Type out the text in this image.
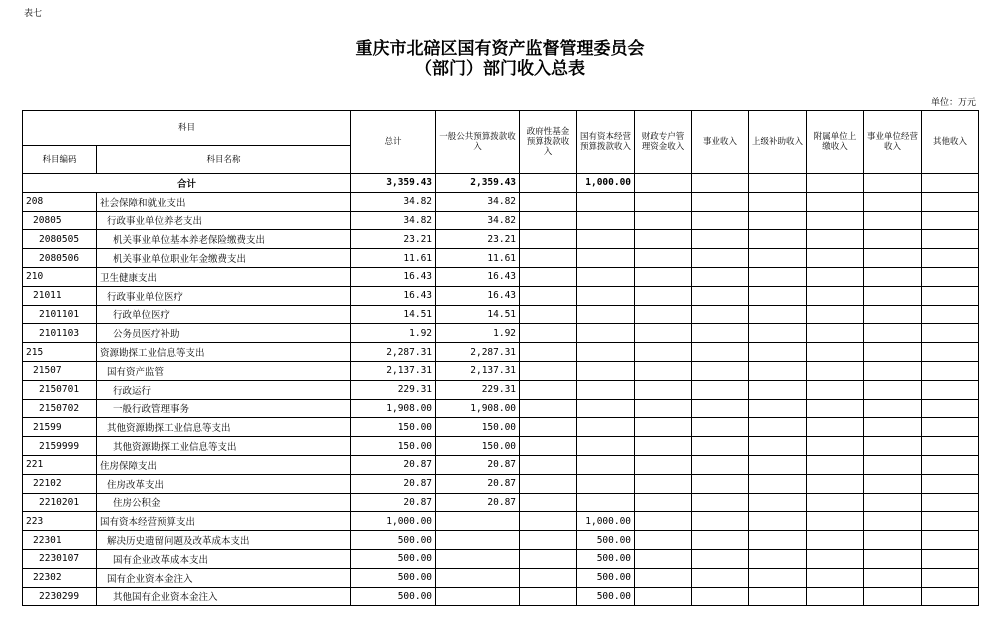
表七
重庆市北碚区国有资产监督管理委员会
（部门）部门收入总表
单位：万元
科目		总计	一般公共预算拨款收入	政府性基金预算拨款收入	国有资本经营预算拨款收入	财政专户管理资金收入	事业收入	上级补助收入	附属单位上缴收入	事业单位经营收入	其他收入
科目编码	科目名称										
合计		3,359.43	2,359.43		1,000.00						
208	社会保障和就业支出	34.82	34.82								
20805	行政事业单位养老支出	34.82	34.82								
2080505	机关事业单位基本养老保险缴费支出	23.21	23.21								
2080506	机关事业单位职业年金缴费支出	11.61	11.61								
210	卫生健康支出	16.43	16.43								
21011	行政事业单位医疗	16.43	16.43								
2101101	行政单位医疗	14.51	14.51								
2101103	公务员医疗补助	1.92	1.92								
215	资源勘探工业信息等支出	2,287.31	2,287.31								
21507	国有资产监管	2,137.31	2,137.31								
2150701	行政运行	229.31	229.31								
2150702	一般行政管理事务	1,908.00	1,908.00								
21599	其他资源勘探工业信息等支出	150.00	150.00								
2159999	其他资源勘探工业信息等支出	150.00	150.00								
221	住房保障支出	20.87	20.87								
22102	住房改革支出	20.87	20.87								
2210201	住房公积金	20.87	20.87								
223	国有资本经营预算支出	1,000.00			1,000.00						
22301	解决历史遗留问题及改革成本支出	500.00			500.00						
2230107	国有企业改革成本支出	500.00			500.00						
22302	国有企业资本金注入	500.00			500.00						
2230299	其他国有企业资本金注入	500.00			500.00						
